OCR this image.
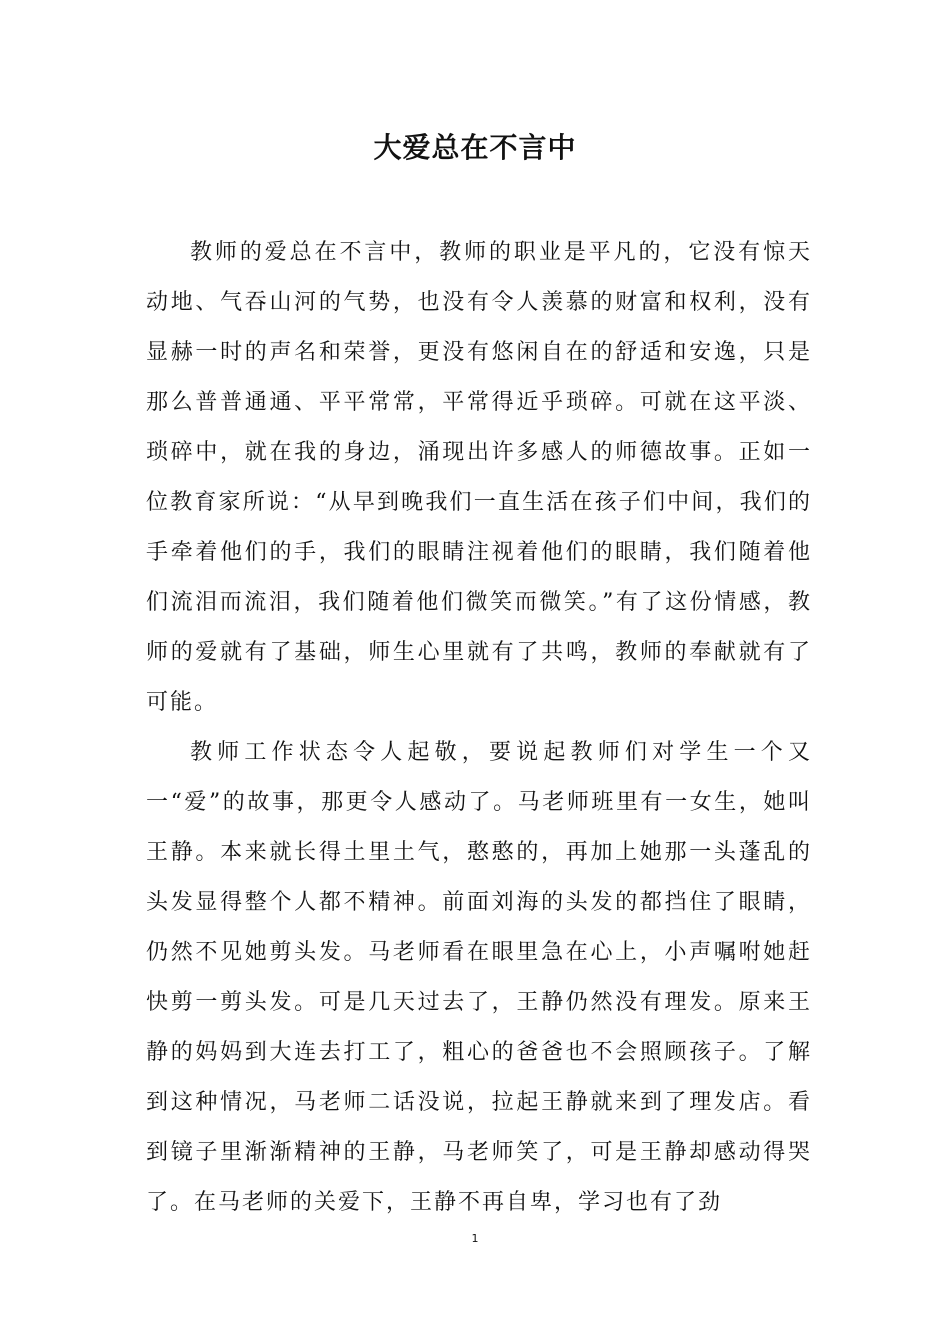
大爱总在不言中

教师的爱总在不言中，教师的职业是平凡的，它没有惊天动地、气吞山河的气势，也没有令人羡慕的财富和权利，没有显赫一时的声名和荣誉，更没有悠闲自在的舒适和安逸，只是那么普普通通、平平常常，平常得近乎琐碎。可就在这平淡、琐碎中，就在我的身边，涌现出许多感人的师德故事。正如一位教育家所说：“从早到晚我们一直生活在孩子们中间，我们的手牵着他们的手，我们的眼睛注视着他们的眼睛，我们随着他们流泪而流泪，我们随着他们微笑而微笑。”有了这份情感，教师的爱就有了基础，师生心里就有了共鸣，教师的奉献就有了可能。

教师工作状态令人起敬，要说起教师们对学生一个又一“爱”的故事，那更令人感动了。马老师班里有一女生，她叫王静。本来就长得土里土气，憨憨的，再加上她那一头蓬乱的头发显得整个人都不精神。前面刘海的头发的都挡住了眼睛，仍然不见她剪头发。马老师看在眼里急在心上，小声嘱咐她赶快剪一剪头发。可是几天过去了，王静仍然没有理发。原来王静的妈妈到大连去打工了，粗心的爸爸也不会照顾孩子。了解到这种情况，马老师二话没说，拉起王静就来到了理发店。看到镜子里渐渐精神的王静，马老师笑了，可是王静却感动得哭了。在马老师的关爱下，王静不再自卑，学习也有了劲

1
